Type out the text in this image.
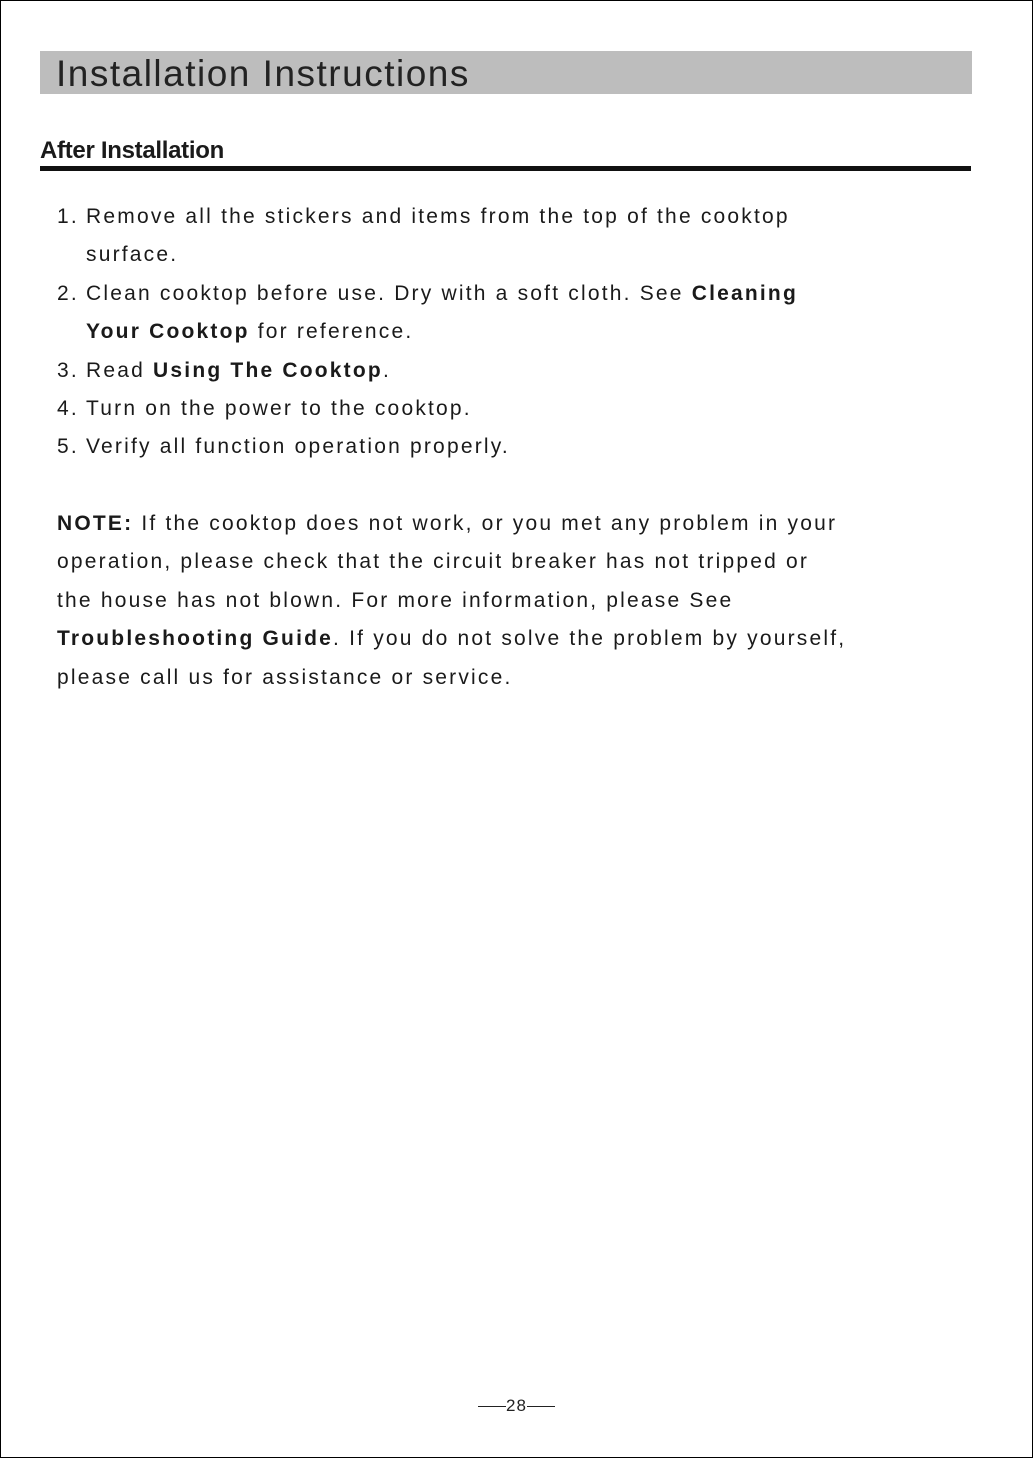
Installation Instructions
After Installation
1. Remove all the stickers and items from the top of the cooktop
surface.
2. Clean cooktop before use. Dry with a soft cloth. See Cleaning
Your Cooktop for reference.
3. Read Using The Cooktop.
4. Turn on the power to the cooktop.
5. Verify all function operation properly.
NOTE: If the cooktop does not work, or you met any problem in your
operation, please check that the circuit breaker has not tripped or
the house has not blown. For more information, please See
Troubleshooting Guide. If you do not solve the problem by yourself,
please call us for assistance or service.
28
